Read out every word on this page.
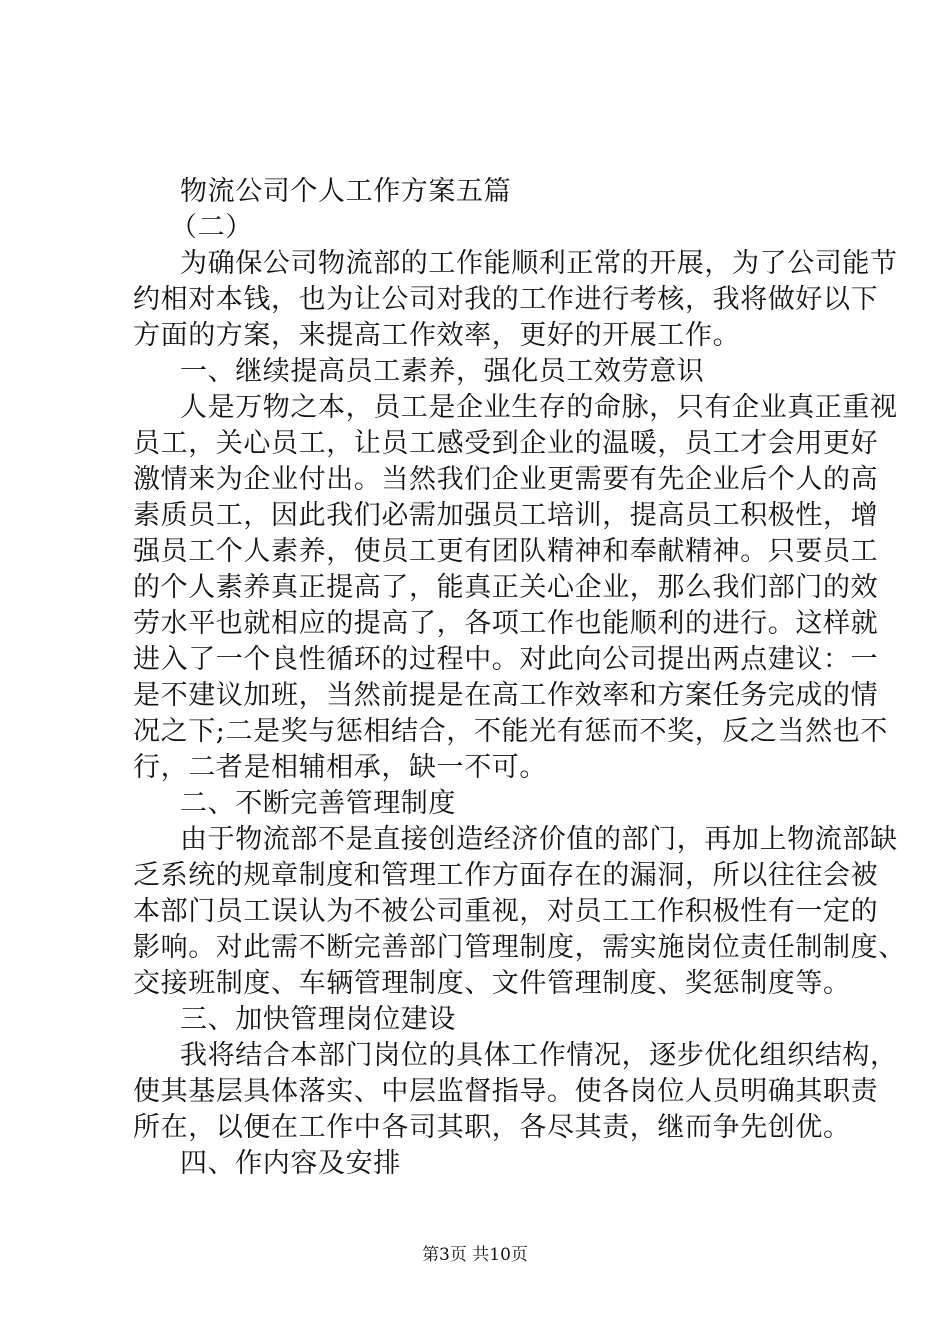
物流公司个人工作方案五篇
（二）
为确保公司物流部的工作能顺利正常的开展，为了公司能节
约相对本钱，也为让公司对我的工作进行考核，我将做好以下
方面的方案，来提高工作效率，更好的开展工作。
一、继续提高员工素养，强化员工效劳意识
人是万物之本，员工是企业生存的命脉，只有企业真正重视
员工，关心员工，让员工感受到企业的温暖，员工才会用更好
激情来为企业付出。当然我们企业更需要有先企业后个人的高
素质员工，因此我们必需加强员工培训，提高员工积极性，增
强员工个人素养，使员工更有团队精神和奉献精神。只要员工
的个人素养真正提高了，能真正关心企业，那么我们部门的效
劳水平也就相应的提高了，各项工作也能顺利的进行。这样就
进入了一个良性循环的过程中。对此向公司提出两点建议：一
是不建议加班，当然前提是在高工作效率和方案任务完成的情
况之下;二是奖与惩相结合，不能光有惩而不奖，反之当然也不
行，二者是相辅相承，缺一不可。
二、不断完善管理制度
由于物流部不是直接创造经济价值的部门，再加上物流部缺
乏系统的规章制度和管理工作方面存在的漏洞，所以往往会被
本部门员工误认为不被公司重视，对员工工作积极性有一定的
影响。对此需不断完善部门管理制度，需实施岗位责任制制度、
交接班制度、车辆管理制度、文件管理制度、奖惩制度等。
三、加快管理岗位建设
我将结合本部门岗位的具体工作情况，逐步优化组织结构，
使其基层具体落实、中层监督指导。使各岗位人员明确其职责
所在，以便在工作中各司其职，各尽其责，继而争先创优。
四、作内容及安排
第3页 共10页
